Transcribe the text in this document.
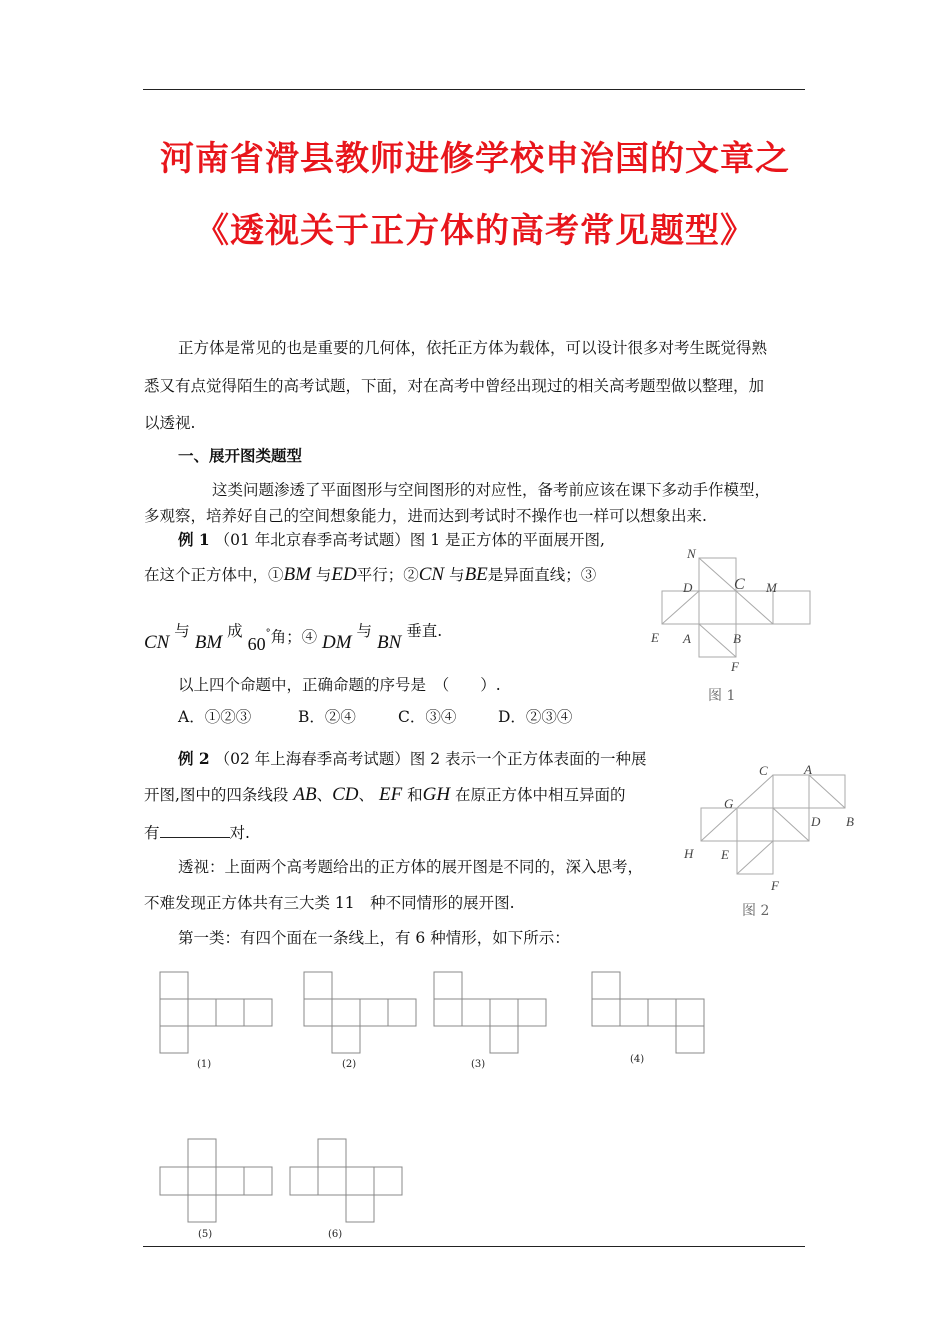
河南省滑县教师进修学校申治国的文章之
《透视关于正方体的高考常见题型》
正方体是常见的也是重要的几何体，依托正方体为载体，可以设计很多对考生既觉得熟
悉又有点觉得陌生的高考试题，下面，对在高考中曾经出现过的相关高考题型做以整理，加
以透视.
一、展开图类题型
这类问题渗透了平面图形与空间图形的对应性，备考前应该在课下多动手作模型，
多观察，培养好自己的空间想象能力，进而达到考试时不操作也一样可以想象出来.
例 1 （01 年北京春季高考试题）图 1 是正方体的平面展开图,
在这个正方体中，①BM 与ED平行；②CN 与BE是异面直线；③
CN 与 BM 成 60°角；④ DM 与 BN 垂直.
以上四个命题中，正确命题的序号是　（　　）.
A．①②③	B．②④	C．③④	D．②③④
例 2 （02 年上海春季高考试题）图 2 表示一个正方体表面的一种展
开图,图中的四条线段 AB、CD、 EF 和GH 在原正方体中相互异面的
有	对.
透视：上面两个高考题给出的正方体的展开图是不同的，深入思考，
不难发现正方体共有三大类 11　种不同情形的展开图.
第一类：有四个面在一条线上，有 6 种情形，如下所示：
N
D	C M
E A	B
F
图 1
C	A
G
D B
H E
F
图 2
(1)	(2)	(3)	(4)
(5)	(6)
